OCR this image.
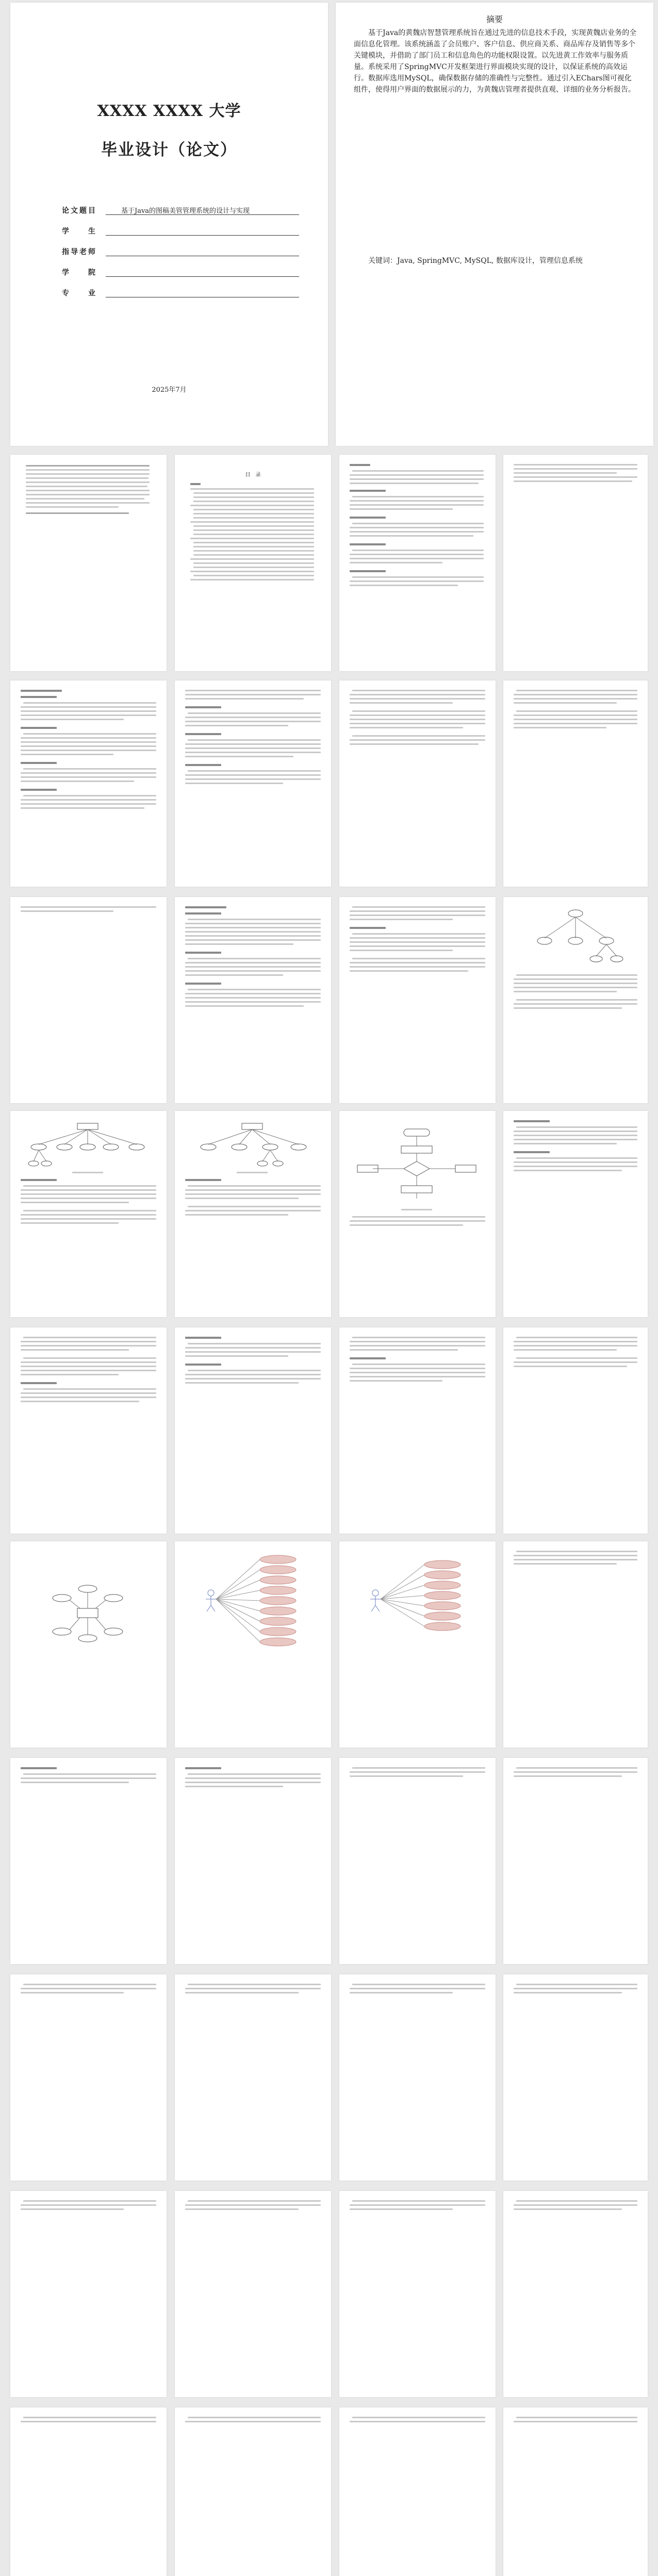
XXXX XXXX 大学
毕业设计（论文）
论文题目	基于Java的图稿美管管理系统的设计与实现
学　　生
指导老师
学　　院
专　　业
2025年7月
摘要
基于Java的黄魏店智慧管理系统旨在通过先进的信息技术手段，实现黄魏店业务的全面信息化管理。该系统涵盖了会员账户、客户信息、供应商关系、商品库存及销售等多个关键模块，并借助了部门员工和信息角色的功能权限设置。以先进黄工作效率与服务质量。系统采用了SpringMVC开发框架进行界面模块实现的设计，以保证系统的高效运行。数据库选用MySQL，确保数据存储的准确性与完整性。通过引入EChars图可视化组件，使得用户界面的数据展示的力，为黄魏店管理者提供直观、详细的业务分析报告。
关键词：Java, SpringMVC, MySQL, 数据库设计，管理信息系统
目　录
